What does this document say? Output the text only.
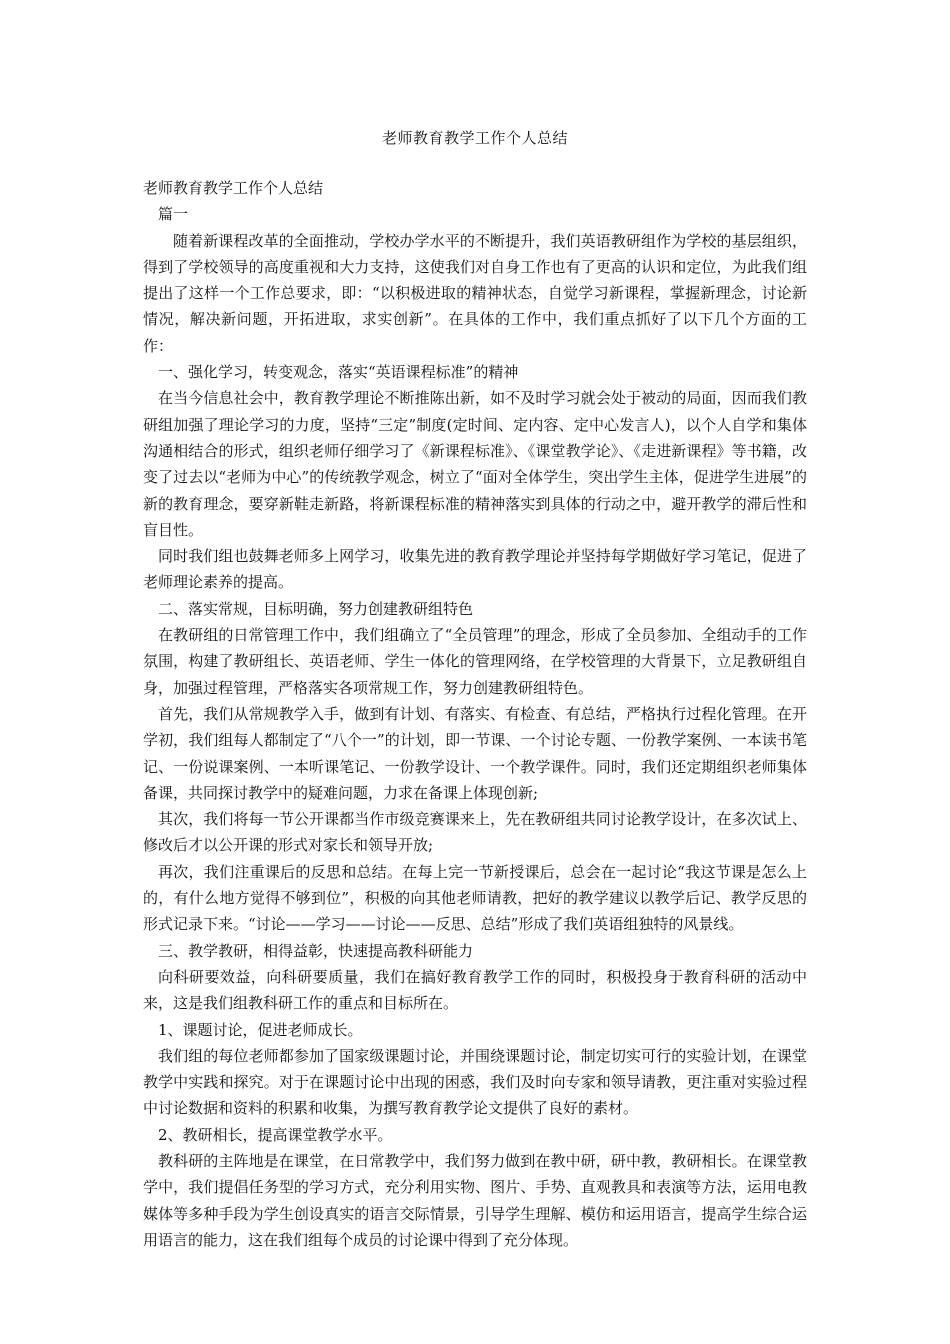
老师教育教学工作个人总结

老师教育教学工作个人总结

篇一

随着新课程改革的全面推动，学校办学水平的不断提升，我们英语教研组作为学校的基层组织，得到了学校领导的高度重视和大力支持，这使我们对自身工作也有了更高的认识和定位，为此我们组提出了这样一个工作总要求，即：“以积极进取的精神状态，自觉学习新课程，掌握新理念，讨论新情况，解决新问题，开拓进取，求实创新”。在具体的工作中，我们重点抓好了以下几个方面的工作：

一、强化学习，转变观念，落实“英语课程标准”的精神

在当今信息社会中，教育教学理论不断推陈出新，如不及时学习就会处于被动的局面，因而我们教研组加强了理论学习的力度，坚持“三定”制度(定时间、定内容、定中心发言人)，以个人自学和集体沟通相结合的形式，组织老师仔细学习了《新课程标准》、《课堂教学论》、《走进新课程》等书籍，改变了过去以“老师为中心”的传统教学观念，树立了“面对全体学生，突出学生主体，促进学生进展”的新的教育理念，要穿新鞋走新路，将新课程标准的精神落实到具体的行动之中，避开教学的滞后性和盲目性。

同时我们组也鼓舞老师多上网学习，收集先进的教育教学理论并坚持每学期做好学习笔记，促进了老师理论素养的提高。

二、落实常规，目标明确，努力创建教研组特色

在教研组的日常管理工作中，我们组确立了“全员管理”的理念，形成了全员参加、全组动手的工作氛围，构建了教研组长、英语老师、学生一体化的管理网络，在学校管理的大背景下，立足教研组自身，加强过程管理，严格落实各项常规工作，努力创建教研组特色。

首先，我们从常规教学入手，做到有计划、有落实、有检查、有总结，严格执行过程化管理。在开学初，我们组每人都制定了“八个一”的计划，即一节课、一个讨论专题、一份教学案例、一本读书笔记、一份说课案例、一本听课笔记、一份教学设计、一个教学课件。同时，我们还定期组织老师集体备课，共同探讨教学中的疑难问题，力求在备课上体现创新;

其次，我们将每一节公开课都当作市级竞赛课来上，先在教研组共同讨论教学设计，在多次试上、修改后才以公开课的形式对家长和领导开放;

再次，我们注重课后的反思和总结。在每上完一节新授课后，总会在一起讨论“我这节课是怎么上的，有什么地方觉得不够到位”，积极的向其他老师请教，把好的教学建议以教学后记、教学反思的形式记录下来。“讨论——学习——讨论——反思、总结”形成了我们英语组独特的风景线。

三、教学教研，相得益彰，快速提高教科研能力

向科研要效益，向科研要质量，我们在搞好教育教学工作的同时，积极投身于教育科研的活动中来，这是我们组教科研工作的重点和目标所在。

1、课题讨论，促进老师成长。

我们组的每位老师都参加了国家级课题讨论，并围绕课题讨论，制定切实可行的实验计划，在课堂教学中实践和探究。对于在课题讨论中出现的困惑，我们及时向专家和领导请教，更注重对实验过程中讨论数据和资料的积累和收集，为撰写教育教学论文提供了良好的素材。

2、教研相长，提高课堂教学水平。

教科研的主阵地是在课堂，在日常教学中，我们努力做到在教中研，研中教，教研相长。在课堂教学中，我们提倡任务型的学习方式，充分利用实物、图片、手势、直观教具和表演等方法，运用电教媒体等多种手段为学生创设真实的语言交际情景，引导学生理解、模仿和运用语言，提高学生综合运用语言的能力，这在我们组每个成员的讨论课中得到了充分体现。
